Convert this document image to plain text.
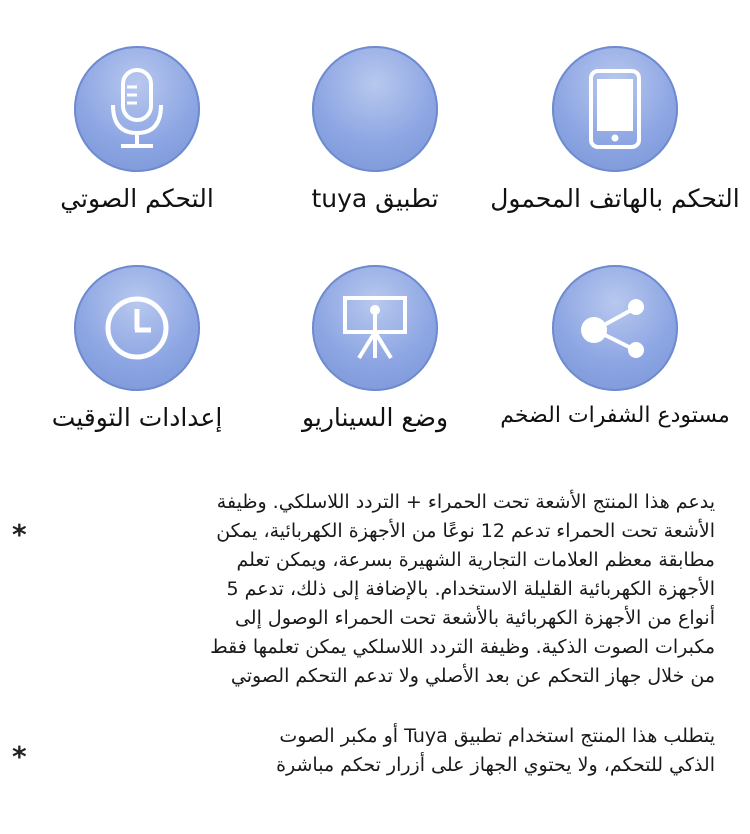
التحكم بالهاتف المحمول
تطبيق tuya
التحكم الصوتي
مستودع الشفرات الضخم
وضع السيناريو
إعدادات التوقيت
*
يدعم هذا المنتج الأشعة تحت الحمراء + التردد اللاسلكي. وظيفة
الأشعة تحت الحمراء تدعم 12 نوعًا من الأجهزة الكهربائية، يمكن
مطابقة معظم العلامات التجارية الشهيرة بسرعة، ويمكن تعلم
الأجهزة الكهربائية القليلة الاستخدام. بالإضافة إلى ذلك، تدعم 5
أنواع من الأجهزة الكهربائية بالأشعة تحت الحمراء الوصول إلى
مكبرات الصوت الذكية. وظيفة التردد اللاسلكي يمكن تعلمها فقط
من خلال جهاز التحكم عن بعد الأصلي ولا تدعم التحكم الصوتي
*
يتطلب هذا المنتج استخدام تطبيق Tuya أو مكبر الصوت
الذكي للتحكم، ولا يحتوي الجهاز على أزرار تحكم مباشرة
